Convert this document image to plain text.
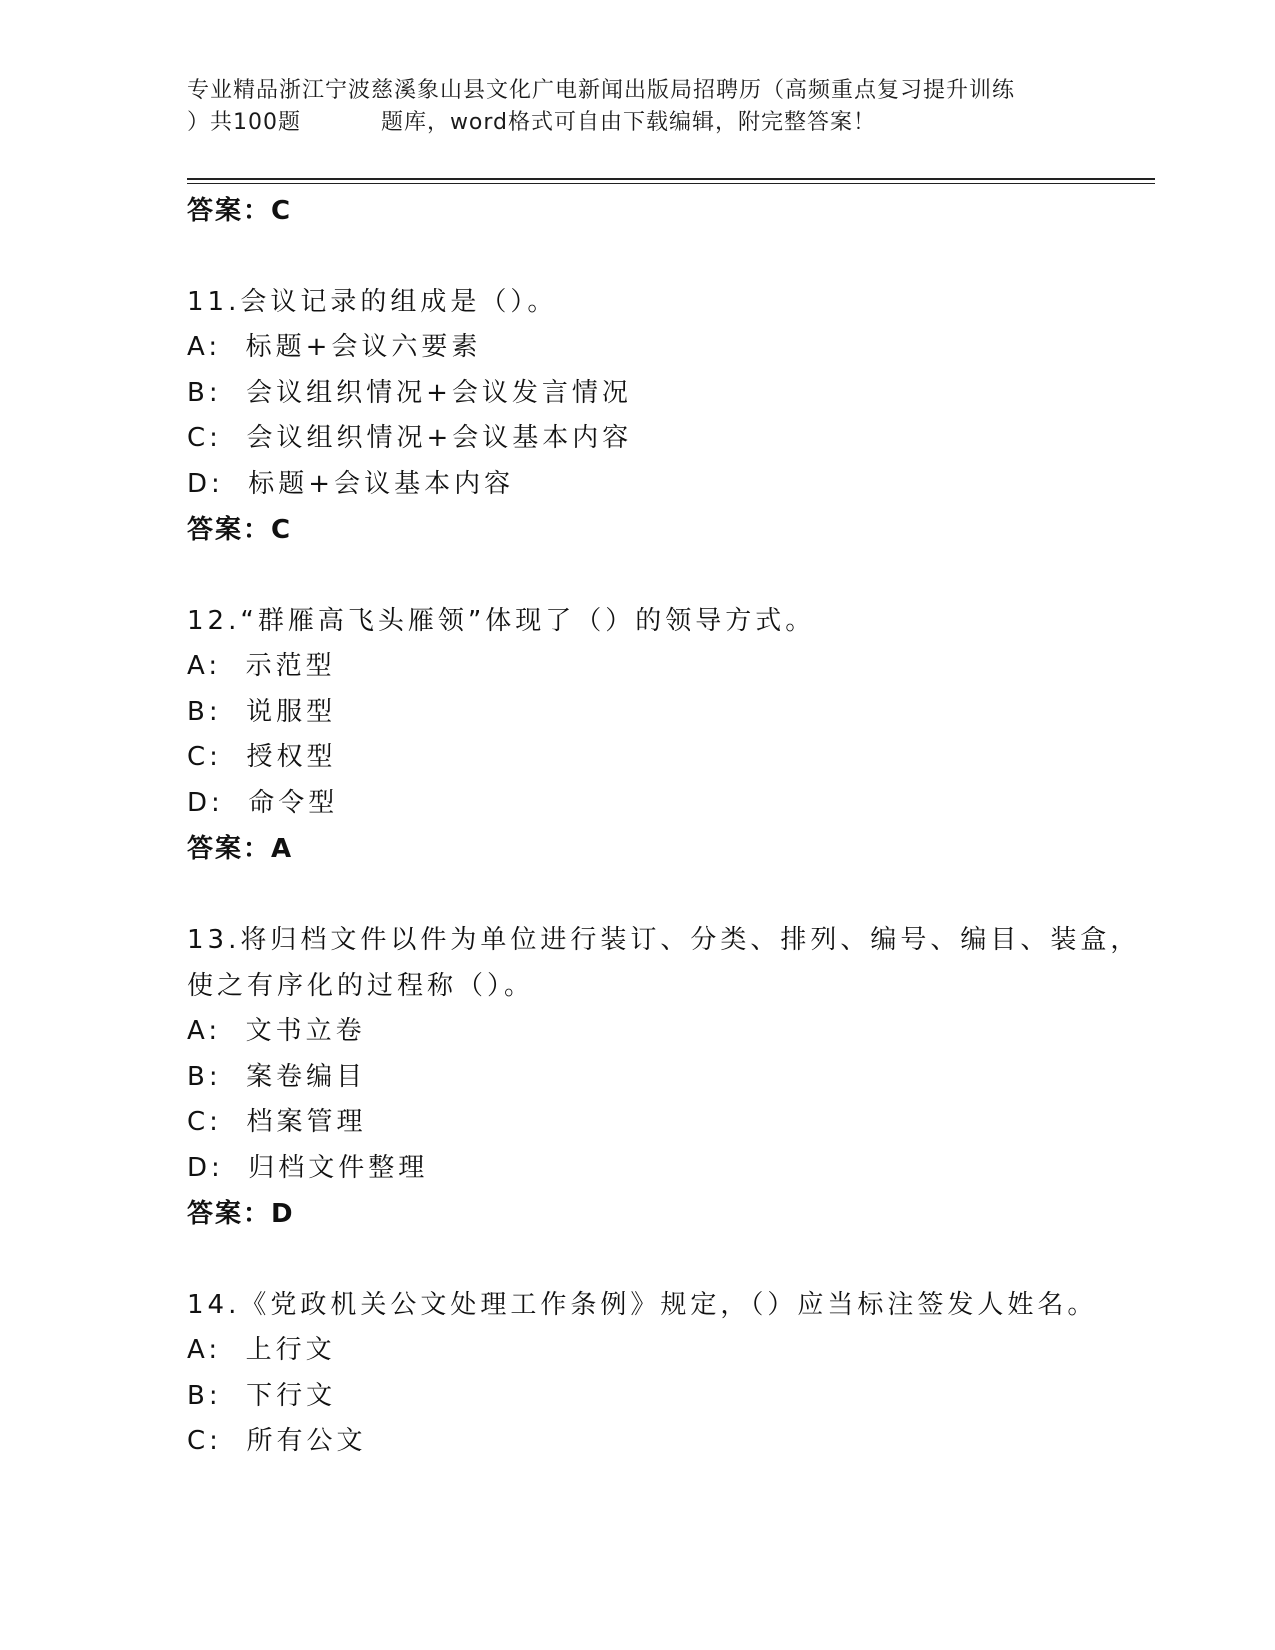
专业精品浙江宁波慈溪象山县文化广电新闻出版局招聘历（高频重点复习提升训练
）共100题	题库，word格式可自由下载编辑，附完整答案！

答案：C

11.会议记录的组成是（）。

A:  标题+会议六要素

B:  会议组织情况+会议发言情况

C:  会议组织情况+会议基本内容

D:  标题+会议基本内容

答案：C

12.“群雁高飞头雁领”体现了（）的领导方式。

A:  示范型

B:  说服型

C:  授权型

D:  命令型

答案：A

13.将归档文件以件为单位进行装订、分类、排列、编号、编目、装盒，使之有序化的过程称（）。

A:  文书立卷

B:  案卷编目

C:  档案管理

D:  归档文件整理

答案：D

14.《党政机关公文处理工作条例》规定，（）应当标注签发人姓名。

A:  上行文

B:  下行文

C:  所有公文
